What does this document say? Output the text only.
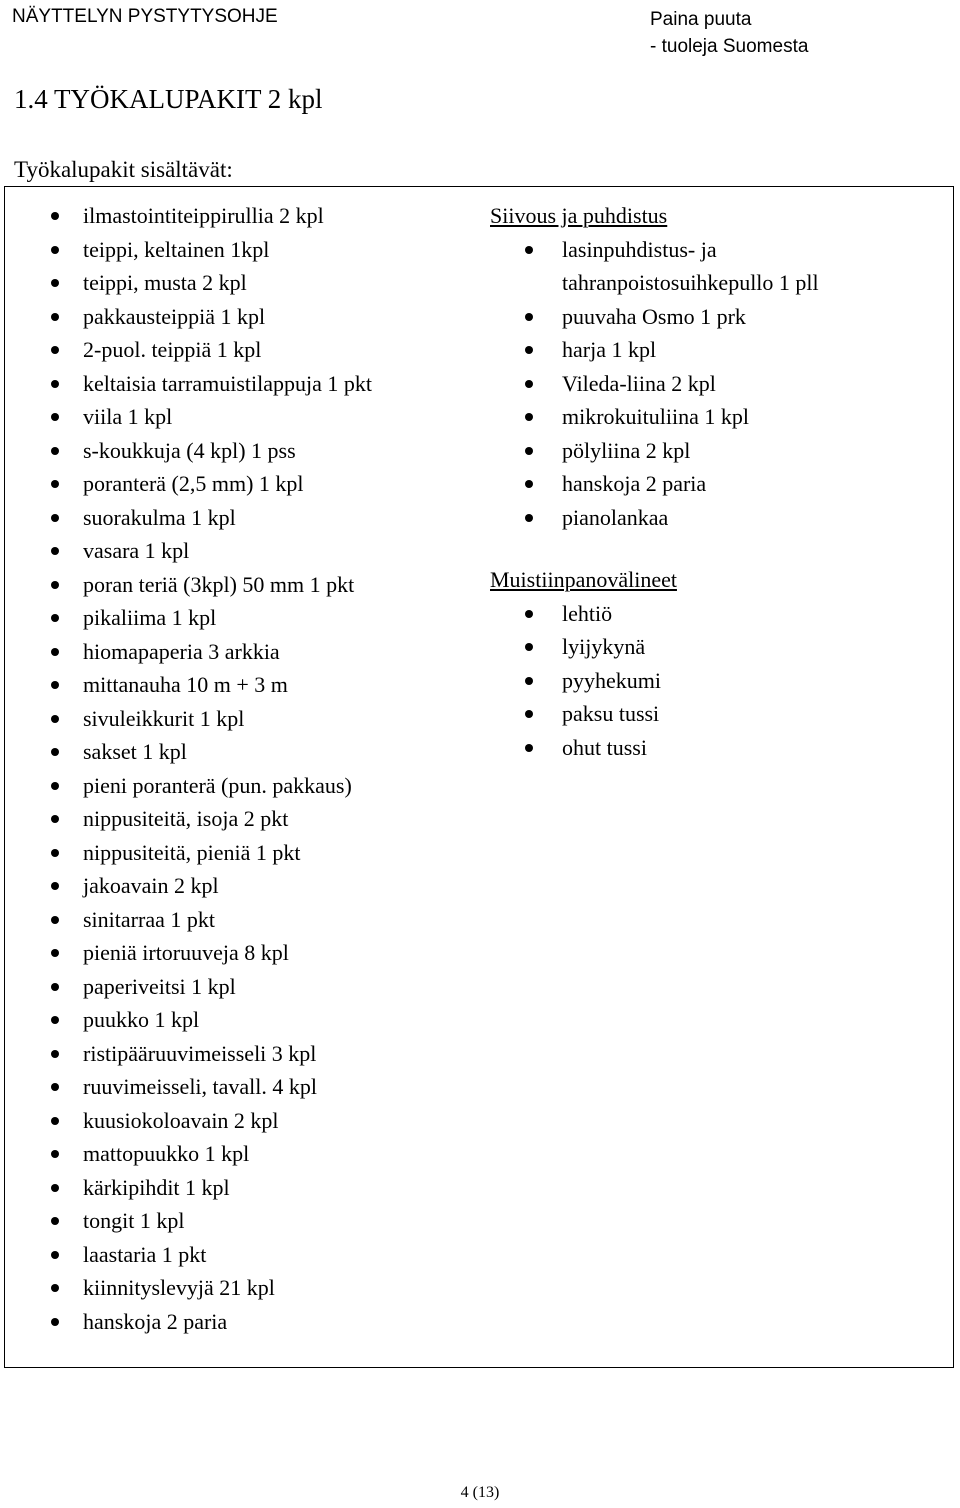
NÄYTTELYN PYSTYTYSOHJE	Paina puuta
- tuoleja Suomesta
1.4 TYÖKALUPAKIT 2 kpl
Työkalupakit sisältävät:
ilmastointiteippirullia 2 kpl
teippi, keltainen 1kpl
teippi, musta 2 kpl
pakkausteippiä 1 kpl
2-puol. teippiä 1 kpl
keltaisia tarramuistilappuja 1 pkt
viila 1 kpl
s-koukkuja (4 kpl) 1 pss
poranterä (2,5 mm) 1 kpl
suorakulma 1 kpl
vasara 1 kpl
poran teriä (3kpl) 50 mm 1 pkt
pikaliima 1 kpl
hiomapaperia 3 arkkia
mittanauha 10 m + 3 m
sivuleikkurit 1 kpl
sakset 1 kpl
pieni poranterä (pun. pakkaus)
nippusiteitä, isoja 2 pkt
nippusiteitä, pieniä 1 pkt
jakoavain 2 kpl
sinitarraa 1 pkt
pieniä irtoruuveja 8 kpl
paperiveitsi 1 kpl
puukko 1 kpl
ristipääruuvimeisseli 3 kpl
ruuvimeisseli, tavall. 4 kpl
kuusiokoloavain 2 kpl
mattopuukko 1 kpl
kärkipihdit 1 kpl
tongit 1 kpl
laastaria 1 pkt
kiinnityslevyjä 21 kpl
hanskoja 2 paria
Siivous ja puhdistus
lasinpuhdistus- ja tahranpoistosuihkepullo 1 pll
puuvaha Osmo 1 prk
harja 1 kpl
Vileda-liina 2 kpl
mikrokuituliina 1 kpl
pölyliina 2 kpl
hanskoja 2 paria
pianolankaa
Muistiinpanovälineet
lehtiö
lyijykynä
pyyhekumi
paksu tussi
ohut tussi
4 (13)
